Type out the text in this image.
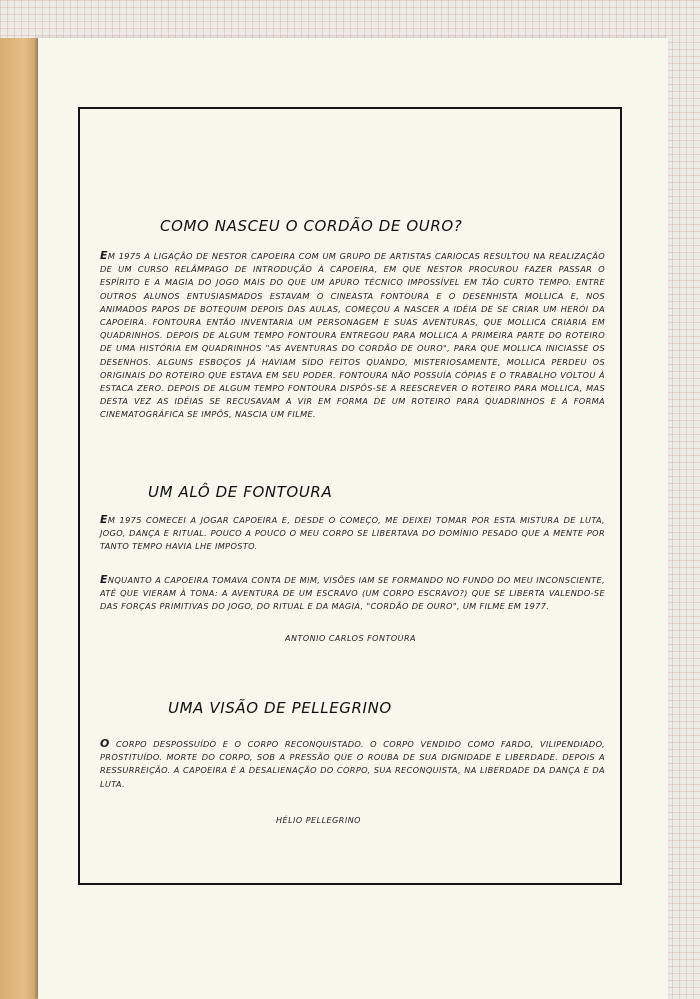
COMO NASCEU O CORDÃO DE OURO?

EM 1975 A LIGAÇÃO DE NESTOR CAPOEIRA COM UM GRUPO DE ARTISTAS CARIOCAS RESULTOU NA REALIZAÇÃO DE UM CURSO RELÂMPAGO DE INTRODUÇÃO À CAPOEIRA, EM QUE NESTOR PROCUROU FAZER PASSAR O ESPÍRITO E A MAGIA DO JOGO MAIS DO QUE UM APURO TÉCNICO IMPOSSÍVEL EM TÃO CURTO TEMPO. ENTRE OUTROS ALUNOS ENTUSIASMADOS ESTAVAM O CINEASTA FONTOURA E O DESENHISTA MOLLICA E, NOS ANIMADOS PAPOS DE BOTEQUIM DEPOIS DAS AULAS, COMEÇOU A NASCER A IDÉIA DE SE CRIAR UM HERÓI DA CAPOEIRA. FONTOURA ENTÃO INVENTARIA UM PERSONAGEM E SUAS AVENTURAS, QUE MOLLICA CRIARIA EM QUADRINHOS. DEPOIS DE ALGUM TEMPO FONTOURA ENTREGOU PARA MOLLICA A PRIMEIRA PARTE DO ROTEIRO DE UMA HISTÓRIA EM QUADRINHOS "AS AVENTURAS DO CORDÃO DE OURO", PARA QUE MOLLICA INICIASSE OS DESENHOS. ALGUNS ESBOÇOS JÁ HAVIAM SIDO FEITOS QUANDO, MISTERIOSAMENTE, MOLLICA PERDEU OS ORIGINAIS DO ROTEIRO QUE ESTAVA EM SEU PODER. FONTOURA NÃO POSSUÍA CÓPIAS E O TRABALHO VOLTOU À ESTACA ZERO. DEPOIS DE ALGUM TEMPO FONTOURA DISPÔS-SE A REESCREVER O ROTEIRO PARA MOLLICA, MAS DESTA VEZ AS IDÉIAS SE RECUSAVAM A VIR EM FORMA DE UM ROTEIRO PARA QUADRINHOS E A FORMA CINEMATOGRÁFICA SE IMPÔS, NASCIA UM FILME.

UM ALÔ DE FONTOURA

EM 1975 COMECEI A JOGAR CAPOEIRA E, DESDE O COMEÇO, ME DEIXEI TOMAR POR ESTA MISTURA DE LUTA, JOGO, DANÇA E RITUAL. POUCO A POUCO O MEU CORPO SE LIBERTAVA DO DOMÍNIO PESADO QUE A MENTE POR TANTO TEMPO HAVIA LHE IMPOSTO.

ENQUANTO A CAPOEIRA TOMAVA CONTA DE MIM, VISÕES IAM SE FORMANDO NO FUNDO DO MEU INCONSCIENTE, ATÉ QUE VIERAM À TONA: A AVENTURA DE UM ESCRAVO (UM CORPO ESCRAVO?) QUE SE LIBERTA VALENDO-SE DAS FORÇAS PRIMITIVAS DO JOGO, DO RITUAL E DA MAGIA, "CORDÃO DE OURO", UM FILME EM 1977.

ANTONIO CARLOS FONTOURA

UMA VISÃO DE PELLEGRINO

O CORPO DESPOSSUÍDO E O CORPO RECONQUISTADO. O CORPO VENDIDO COMO FARDO, VILIPENDIADO, PROSTITUÍDO. MORTE DO CORPO, SOB A PRESSÃO QUE O ROUBA DE SUA DIGNIDADE E LIBERDADE. DEPOIS A RESSURREIÇÃO. A CAPOEIRA É A DESALIENAÇÃO DO CORPO, SUA RECONQUISTA, NA LIBERDADE DA DANÇA E DA LUTA.

HÉLIO PELLEGRINO
